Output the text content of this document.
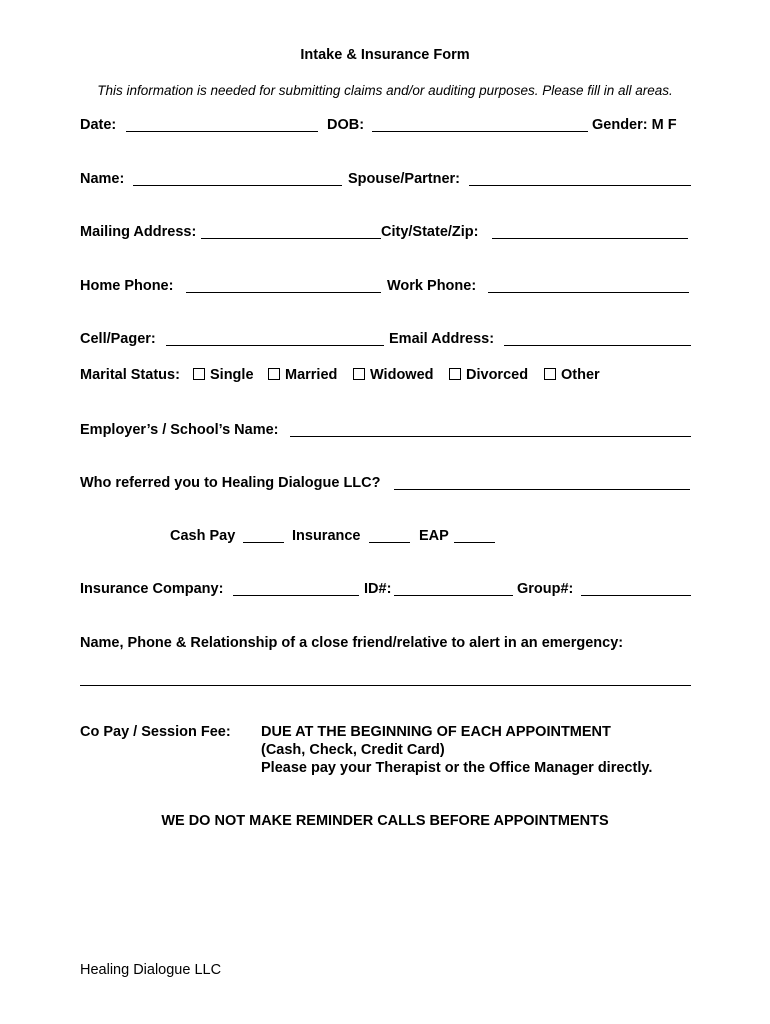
Intake & Insurance Form
This information is needed for submitting claims and/or auditing purposes. Please fill in all areas.
Date:	DOB:	Gender: M F
Name:	Spouse/Partner:
Mailing Address:	City/State/Zip:
Home Phone:	Work Phone:
Cell/Pager:	Email Address:
Marital Status:	Single	Married	Widowed	Divorced	Other
Employer’s / School’s Name:
Who referred you to Healing Dialogue LLC?
Cash Pay	Insurance	EAP
Insurance Company:	ID#:	Group#:
Name, Phone & Relationship of a close friend/relative to alert in an emergency:
Co Pay / Session Fee: DUE AT THE BEGINNING OF EACH APPOINTMENT
(Cash, Check, Credit Card)
Please pay your Therapist or the Office Manager directly.
WE DO NOT MAKE REMINDER CALLS BEFORE APPOINTMENTS
Healing Dialogue LLC
